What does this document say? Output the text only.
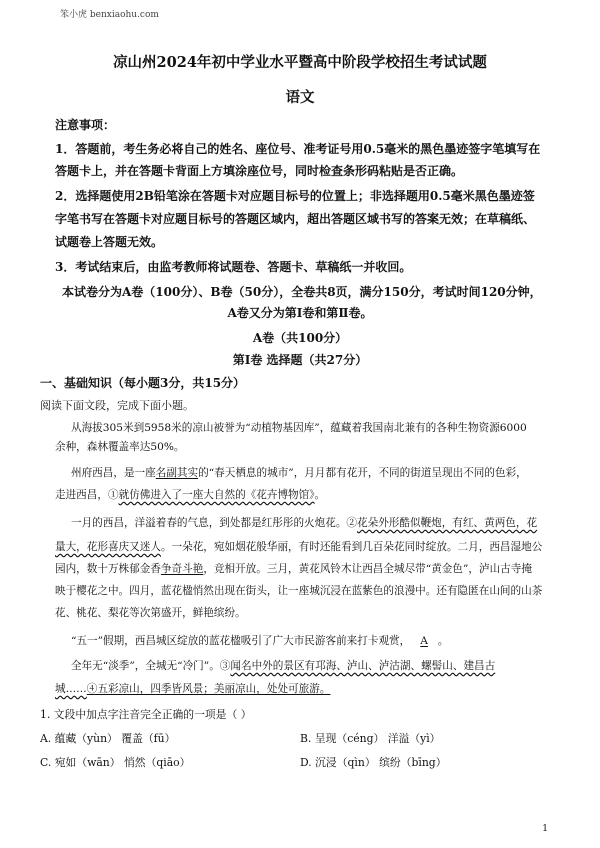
笨小虎 benxiaohu.com
凉山州2024年初中学业水平暨高中阶段学校招生考试试题
语文
注意事项：
1．答题前，考生务必将自己的姓名、座位号、准考证号用0.5毫米的黑色墨迹签字笔填写在
答题卡上，并在答题卡背面上方填涂座位号，同时检查条形码粘贴是否正确。
2．选择题使用2B铅笔涂在答题卡对应题目标号的位置上；非选择题用0.5毫米黑色墨迹签
字笔书写在答题卡对应题目标号的答题区域内，超出答题区域书写的答案无效；在草稿纸、
试题卷上答题无效。
3．考试结束后，由监考教师将试题卷、答题卡、草稿纸一并收回。
本试卷分为A卷（100分）、B卷（50分），全卷共8页，满分150分，考试时间120分钟，
A卷又分为第Ⅰ卷和第Ⅱ卷。
A卷（共100分）
第Ⅰ卷 选择题（共27分）
一、基础知识（每小题3分，共15分）
阅读下面文段，完成下面小题。
从海拔305米到5958米的凉山被誉为“动植物基因库”，蕴藏着我国南北兼有的各种生物资源6000
余种，森林覆盖率达50%。
州府西昌，是一座名副其实的“春天栖息的城市”，月月都有花开，不同的街道呈现出不同的色彩，
走进西昌，①就仿佛进入了一座大自然的《花卉博物馆》。
一月的西昌，洋溢着春的气息，到处都是红彤彤的火炮花。②花朵外形酷似鞭炮，有红、黄两色，花
量大，花形喜庆又迷人。一朵花，宛如烟花般华丽，有时还能看到几百朵花同时绽放。二月，西昌湿地公
园内，数十万株郁金香争奇斗艳，竞相开放。三月，黄花风铃木让西昌全城尽带“黄金色”，泸山古寺掩
映于樱花之中。四月，蓝花楹悄然出现在街头，让一座城沉浸在蓝紫色的浪漫中。还有隐匿在山间的山茶
花、桃花、梨花等次第盛开，鲜艳缤纷。
“五一”假期，西昌城区绽放的蓝花楹吸引了广大市民游客前来打卡观赏， A 。
全年无“淡季”，全城无“冷门”。③闻名中外的景区有邛海、泸山、泸沽湖、螺髻山、建昌古
城……④五彩凉山，四季皆风景；美丽凉山，处处可旅游。
1. 文段中加点字注音完全正确的一项是（ ）
A. 蕴藏（yùn） 覆盖（fū）	B. 呈现（céng） 洋溢（yì）
C. 宛如（wān） 悄然（qiāo）	D. 沉浸（qìn） 缤纷（bīng）
1
